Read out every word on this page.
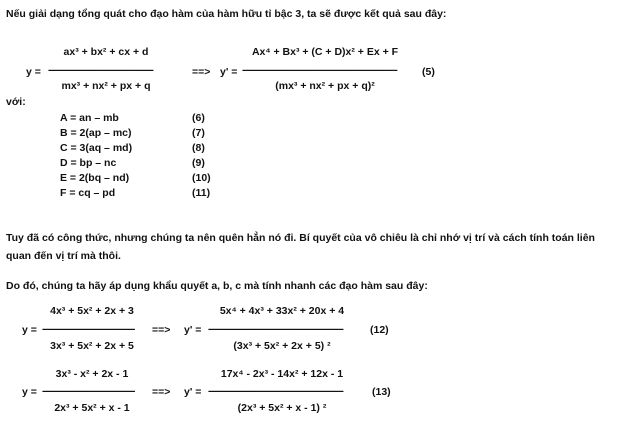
Nếu giải dạng tổng quát cho đạo hàm của hàm hữu tỉ bậc 3, ta sẽ được kết quả sau đây:
y =
ax³ + bx² + cx + d
------------------------------------------
mx³ + nx² + px + q
==> y' =
Ax⁴ + Bx³ + (C + D)x² + Ex + F
--------------------------------------------------------------
(mx³ + nx² + px + q)²
(5)
với:
A = an – mb	(6)
B = 2(ap – mc)	(7)
C = 3(aq – md)	(8)
D = bp – nc	(9)
E = 2(bq – nd)	(10)
F = cq – pd	(11)
Tuy đã có công thức, nhưng chúng ta nên quên hẳn nó đi. Bí quyết của vô chiêu là chỉ nhớ vị trí và cách tính toán liên quan đến vị trí mà thôi.
Do đó, chúng ta hãy áp dụng khẩu quyết a, b, c mà tính nhanh các đạo hàm sau đây:
y =
4x³ + 5x² + 2x + 3
-------------------------------------
3x³ + 5x² + 2x + 5
==> y' =
5x⁴ + 4x³ + 33x² + 20x + 4
------------------------------------------------------
(3x³ + 5x² + 2x + 5) ²
(12)
y =
3x³ - x² + 2x - 1
-------------------------------------
2x³ + 5x² + x - 1
==> y' =
17x⁴ - 2x³ - 14x² + 12x - 1
------------------------------------------------------
(2x³ + 5x² + x - 1) ²
(13)
